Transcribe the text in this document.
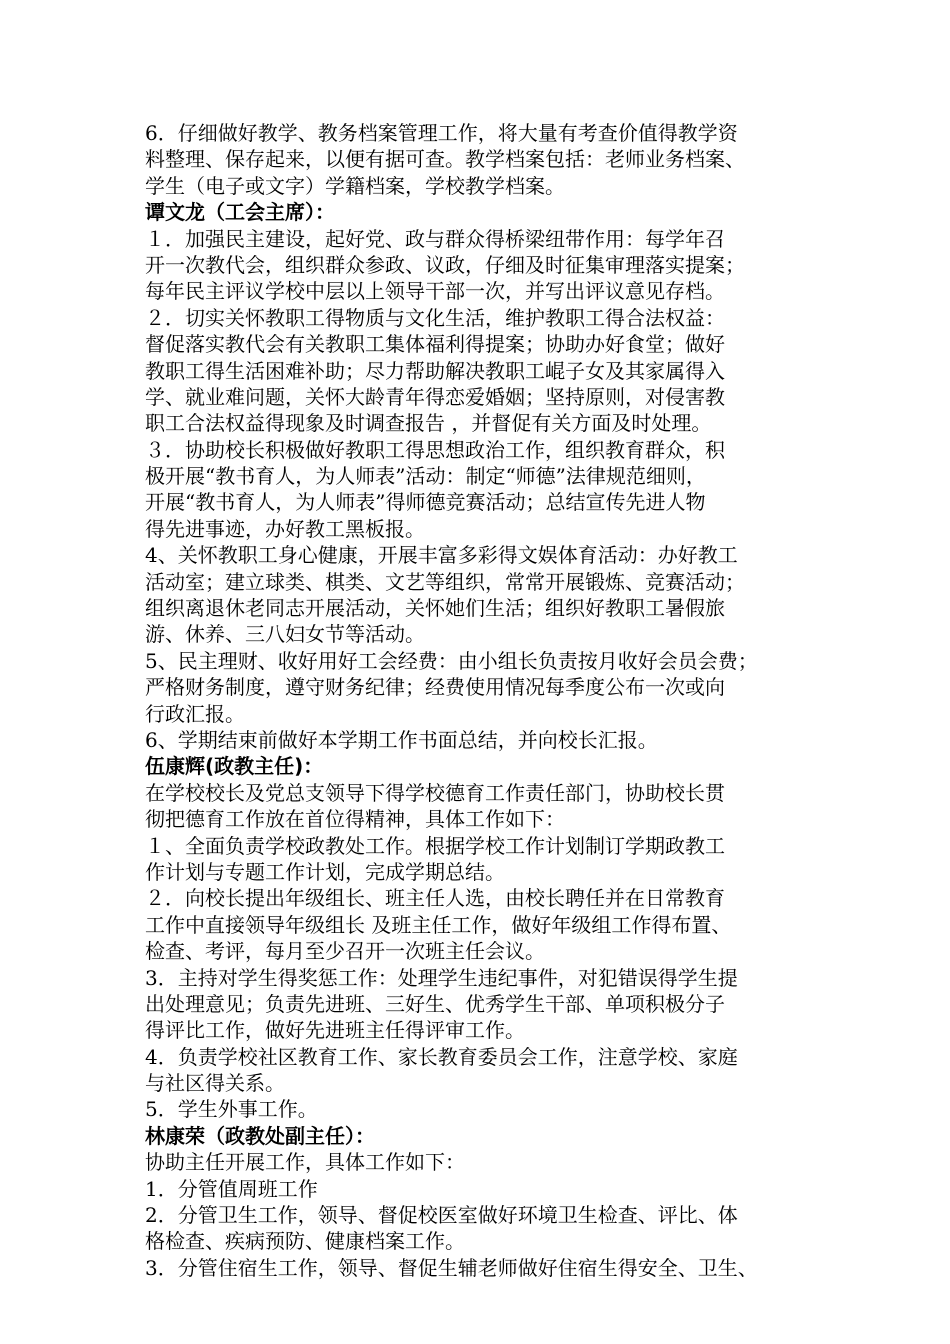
6．仔细做好教学、教务档案管理工作，将大量有考查价值得教学资
料整理、保存起来，以便有据可查。教学档案包括：老师业务档案、
学生（电子或文字）学籍档案，学校教学档案。
谭文龙（工会主席）：
１．加强民主建设，起好党、政与群众得桥梁纽带作用：每学年召
开一次教代会，组织群众参政、议政，仔细及时征集审理落实提案；
每年民主评议学校中层以上领导干部一次，并写出评议意见存档。
２．切实关怀教职工得物质与文化生活，维护教职工得合法权益：
督促落实教代会有关教职工集体福利得提案；协助办好食堂；做好
教职工得生活困难补助；尽力帮助解决教职工崐子女及其家属得入
学、就业难问题，关怀大龄青年得恋爱婚姻；坚持原则，对侵害教
职工合法权益得现象及时调查报告 ，并督促有关方面及时处理。
３．协助校长积极做好教职工得思想政治工作，组织教育群众，积
极开展“教书育人，为人师表”活动：制定“师德”法律规范细则，
开展“教书育人，为人师表”得师德竞赛活动；总结宣传先进人物
得先进事迹，办好教工黑板报。
4、关怀教职工身心健康，开展丰富多彩得文娱体育活动：办好教工
活动室；建立球类、棋类、文艺等组织，常常开展锻炼、竞赛活动；
组织离退休老同志开展活动，关怀她们生活；组织好教职工暑假旅
游、休养、三八妇女节等活动。
5、民主理财、收好用好工会经费：由小组长负责按月收好会员会费；
严格财务制度，遵守财务纪律；经费使用情况每季度公布一次或向
行政汇报。
6、学期结束前做好本学期工作书面总结，并向校长汇报。
伍康辉(政教主任)：
在学校校长及党总支领导下得学校德育工作责任部门，协助校长贯
彻把德育工作放在首位得精神，具体工作如下：
１、全面负责学校政教处工作。根据学校工作计划制订学期政教工
作计划与专题工作计划，完成学期总结。
２．向校长提出年级组长、班主任人选，由校长聘任并在日常教育
工作中直接领导年级组长 及班主任工作，做好年级组工作得布置、
检查、考评，每月至少召开一次班主任会议。
3．主持对学生得奖惩工作：处理学生违纪事件，对犯错误得学生提
出处理意见；负责先进班、三好生、优秀学生干部、单项积极分子
得评比工作，做好先进班主任得评审工作。
4．负责学校社区教育工作、家长教育委员会工作，注意学校、家庭
与社区得关系。
5．学生外事工作。
林康荣（政教处副主任）：
协助主任开展工作，具体工作如下：
1．分管值周班工作
2．分管卫生工作，领导、督促校医室做好环境卫生检查、评比、体
格检查、疾病预防、健康档案工作。
3．分管住宿生工作，领导、督促生辅老师做好住宿生得安全、卫生、
